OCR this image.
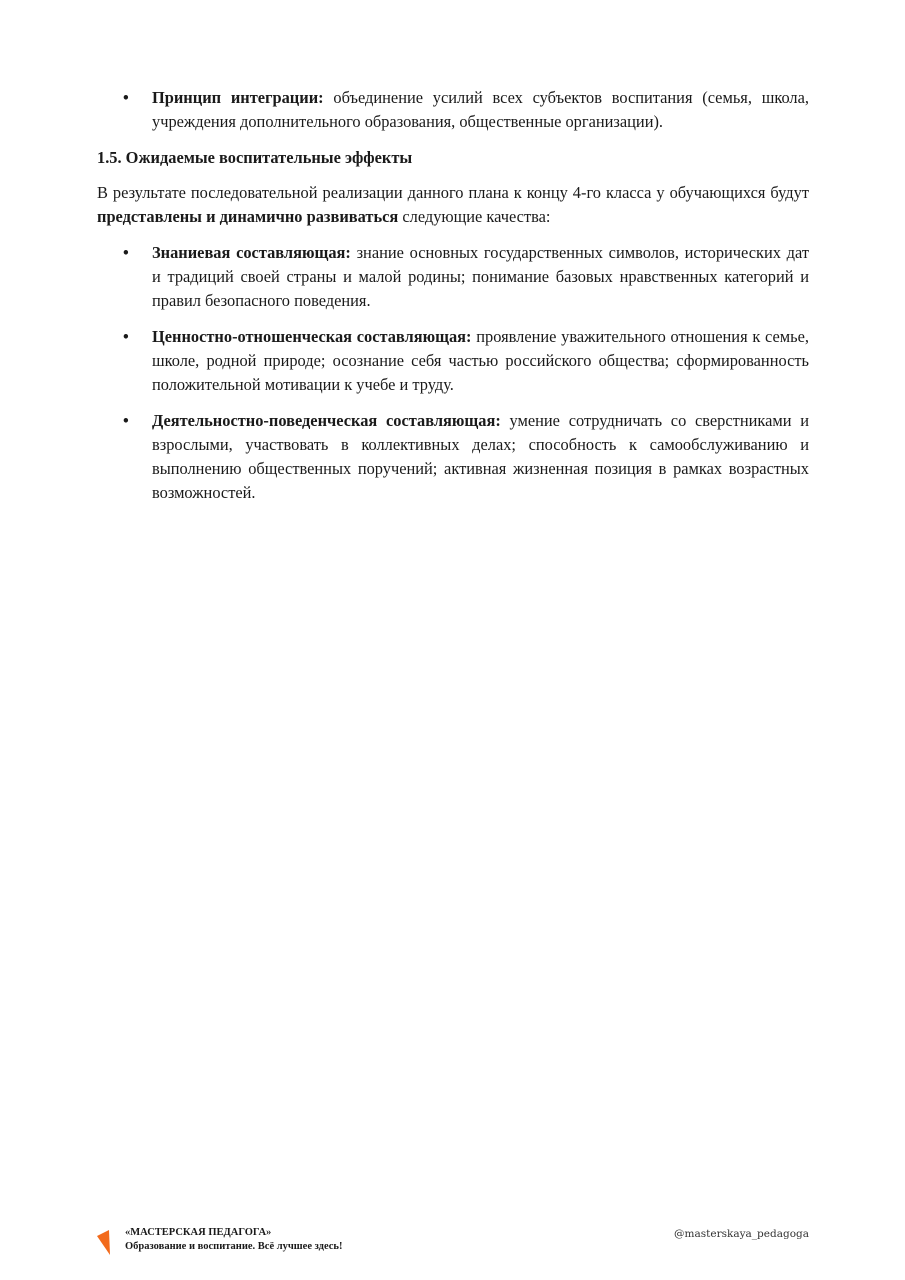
• Принцип интеграции: объединение усилий всех субъектов воспитания (семья, школа, учреждения дополнительного образования, общественные организации).
1.5. Ожидаемые воспитательные эффекты

В результате последовательной реализации данного плана к концу 4-го класса у обучающихся будут представлены и динамично развиваться следующие качества:

• Знаниевая составляющая: знание основных государственных символов, исторических дат и традиций своей страны и малой родины; понимание базовых нравственных категорий и правил безопасного поведения.
• Ценностно-отношенческая составляющая: проявление уважительного отношения к семье, школе, родной природе; осознание себя частью российского общества; сформированность положительной мотивации к учебе и труду.
• Деятельностно-поведенческая составляющая: умение сотрудничать со сверстниками и взрослыми, участвовать в коллективных делах; способность к самообслуживанию и выполнению общественных поручений; активная жизненная позиция в рамках возрастных возможностей.
«МАСТЕРСКАЯ ПЕДАГОГА»
Образование и воспитание. Всё лучшее здесь!
@masterskaya_pedagoga
